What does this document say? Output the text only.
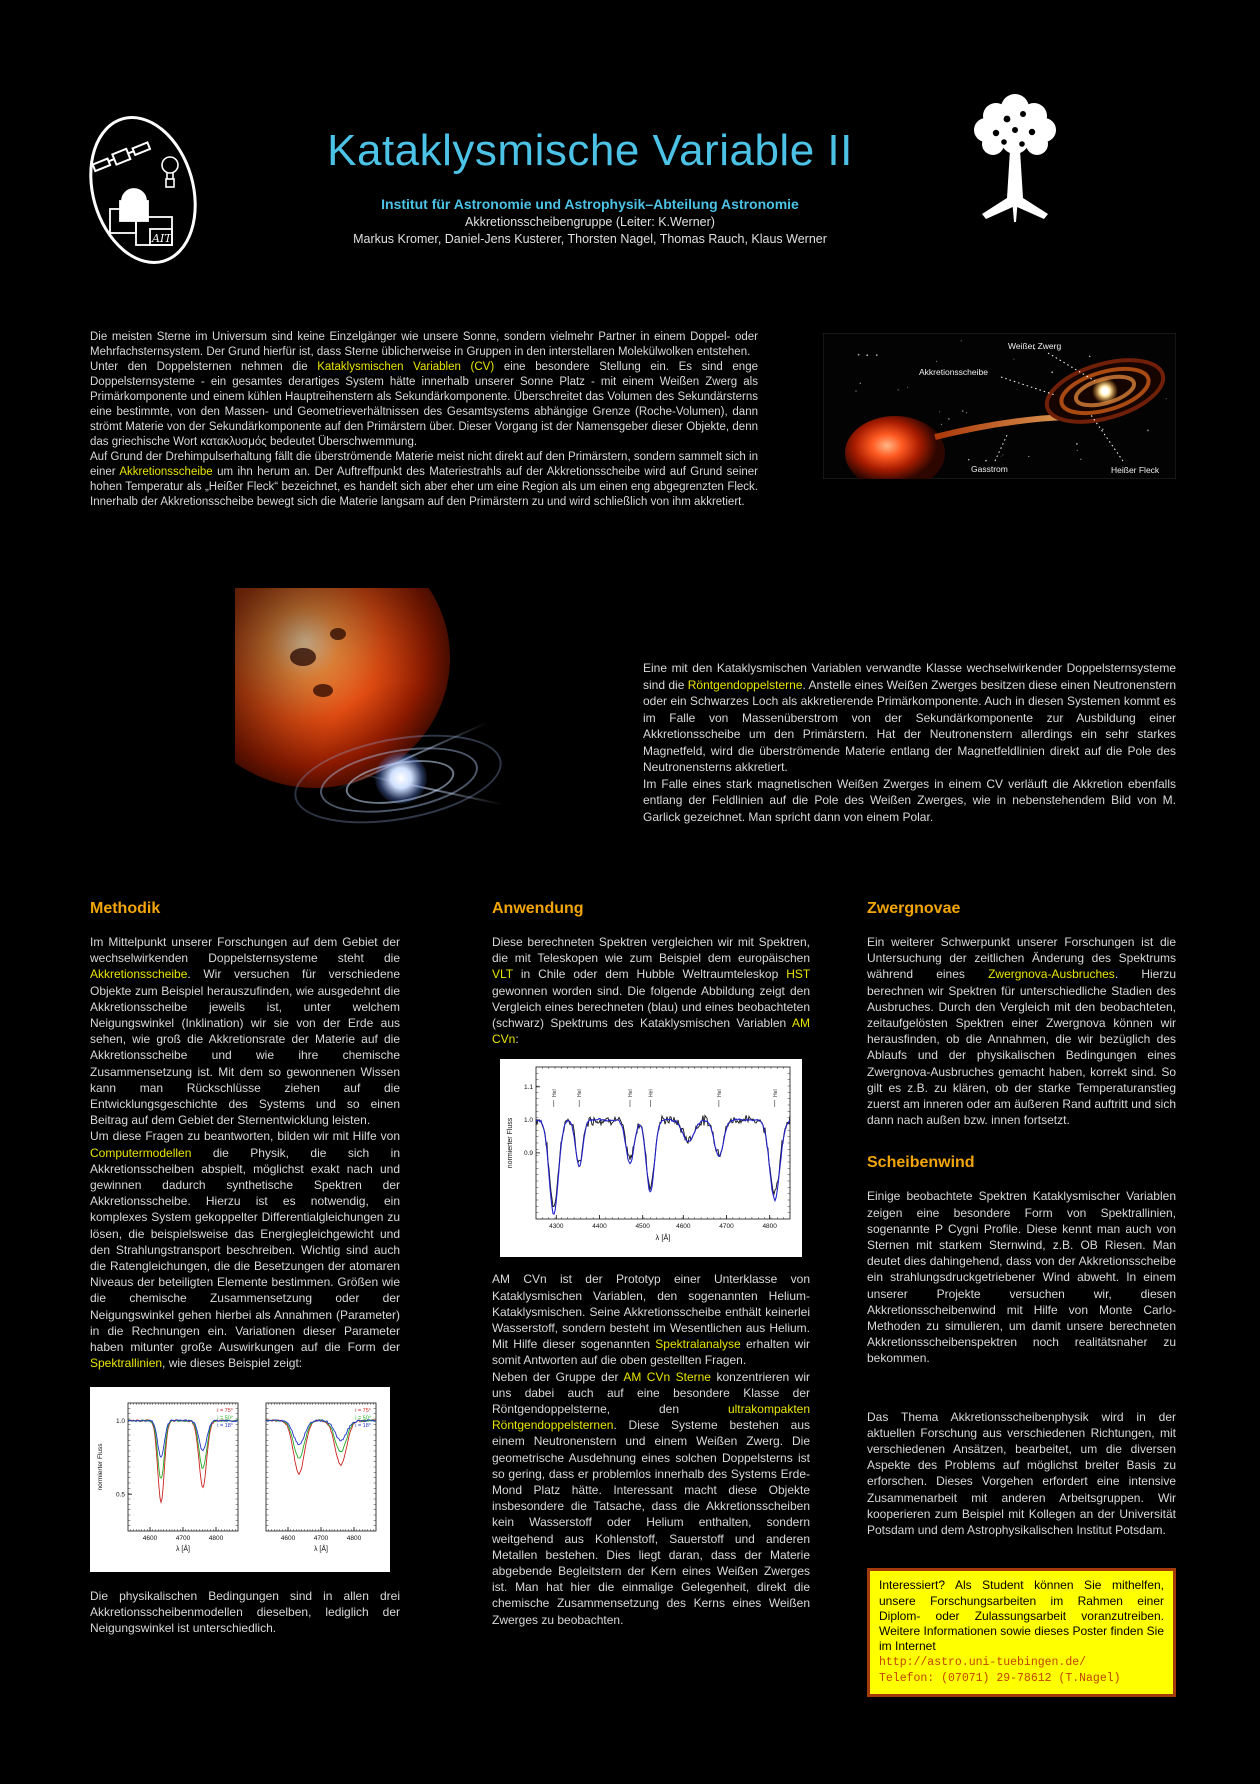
AIT
Kataklysmische Variable II
Institut für Astronomie und Astrophysik–Abteilung Astronomie
Akkretionsscheibengruppe (Leiter: K.Werner)
Markus Kromer, Daniel-Jens Kusterer, Thorsten Nagel, Thomas Rauch, Klaus Werner

Die meisten Sterne im Universum sind keine Einzelgänger wie unsere Sonne, sondern vielmehr Partner in einem Doppel- oder Mehrfachsternsystem. Der Grund hierfür ist, dass Sterne üblicherweise in Gruppen in den interstellaren Molekülwolken entstehen.

Unter den Doppelsternen nehmen die Kataklysmischen Variablen (CV) eine besondere Stellung ein. Es sind enge Doppelsternsysteme - ein gesamtes derartiges System hätte innerhalb unserer Sonne Platz - mit einem Weißen Zwerg als Primärkomponente und einem kühlen Hauptreihenstern als Sekundärkomponente. Überschreitet das Volumen des Sekundärsterns eine bestimmte, von den Massen- und Geometrieverhältnissen des Gesamtsystems abhängige Grenze (Roche-Volumen), dann strömt Materie von der Sekundärkomponente auf den Primärstern über. Dieser Vorgang ist der Namensgeber dieser Objekte, denn das griechische Wort κατακλυσμός bedeutet Überschwemmung.

Auf Grund der Drehimpulserhaltung fällt die überströmende Materie meist nicht direkt auf den Primärstern, sondern sammelt sich in einer Akkretionsscheibe um ihn herum an. Der Auftreffpunkt des Materiestrahls auf der Akkretionsscheibe wird auf Grund seiner hohen Temperatur als „Heißer Fleck“ bezeichnet, es handelt sich aber eher um eine Region als um einen eng abgegrenzten Fleck. Innerhalb der Akkretionsscheibe bewegt sich die Materie langsam auf den Primärstern zu und wird schließlich von ihm akkretiert.

Weißer Zwerg
Akkretionsscheibe
Gasstrom	Heißer Fleck

Eine mit den Kataklysmischen Variablen verwandte Klasse wechselwirkender Doppelsternsysteme sind die Röntgendoppelsterne. Anstelle eines Weißen Zwerges besitzen diese einen Neutronenstern oder ein Schwarzes Loch als akkretierende Primärkomponente. Auch in diesen Systemen kommt es im Falle von Massenüberstrom von der Sekundärkomponente zur Ausbildung einer Akkretionsscheibe um den Primärstern. Hat der Neutronenstern allerdings ein sehr starkes Magnetfeld, wird die überströmende Materie entlang der Magnetfeldlinien direkt auf die Pole des Neutronensterns akkretiert.

Im Falle eines stark magnetischen Weißen Zwerges in einem CV verläuft die Akkretion ebenfalls entlang der Feldlinien auf die Pole des Weißen Zwerges, wie in nebenstehendem Bild von M. Garlick gezeichnet. Man spricht dann von einem Polar.

Methodik

Im Mittelpunkt unserer Forschungen auf dem Gebiet der wechselwirkenden Doppelsternsysteme steht die Akkretionsscheibe. Wir versuchen für verschiedene Objekte zum Beispiel herauszufinden, wie ausgedehnt die Akkretionsscheibe jeweils ist, unter welchem Neigungswinkel (Inklination) wir sie von der Erde aus sehen, wie groß die Akkretionsrate der Materie auf die Akkretionsscheibe und wie ihre chemische Zusammensetzung ist. Mit dem so gewonnenen Wissen kann man Rückschlüsse ziehen auf die Entwicklungsgeschichte des Systems und so einen Beitrag auf dem Gebiet der Sternentwicklung leisten.

Um diese Fragen zu beantworten, bilden wir mit Hilfe von Computermodellen die Physik, die sich in Akkretionsscheiben abspielt, möglichst exakt nach und gewinnen dadurch synthetische Spektren der Akkretionsscheibe. Hierzu ist es notwendig, ein komplexes System gekoppelter Differentialgleichungen zu lösen, die beispielsweise das Energiegleichgewicht und den Strahlungstransport beschreiben. Wichtig sind auch die Ratengleichungen, die die Besetzungen der atomaren Niveaus der beteiligten Elemente bestimmen. Größen wie die chemische Zusammensetzung oder der Neigungswinkel gehen hierbei als Annahmen (Parameter) in die Rechnungen ein. Variationen dieser Parameter haben mitunter große Auswirkungen auf die Form der Spektrallinien, wie dieses Beispiel zeigt:

4600	4700	4800
0.5
1.0
i = 75°
i = 50°
i = 18°
λ [Å]
4600	4700	4800
i = 75°
i = 50°
i = 18°
λ [Å]
normierter Fluss
Die physikalischen Bedingungen sind in allen drei Akkretionsscheibenmodellen dieselben, lediglich der Neigungswinkel ist unterschiedlich.
Anwendung

Diese berechneten Spektren vergleichen wir mit Spektren, die mit Teleskopen wie zum Beispiel dem europäischen VLT in Chile oder dem Hubble Weltraumteleskop HST gewonnen worden sind. Die folgende Abbildung zeigt den Vergleich eines berechneten (blau) und eines beobachteten (schwarz) Spektrums des Kataklysmischen Variablen AM CVn:

4300	4400	4500	4600	4700	4800
0.9
1.0
1.1
HeI	HeI	HeI	HeI	HeI	HeI
λ [Å]
normierter Fluss

AM CVn ist der Prototyp einer Unterklasse von Kataklysmischen Variablen, den sogenannten Helium-Kataklysmischen. Seine Akkretionsscheibe enthält keinerlei Wasserstoff, sondern besteht im Wesentlichen aus Helium. Mit Hilfe dieser sogenannten Spektralanalyse erhalten wir somit Antworten auf die oben gestellten Fragen.

Neben der Gruppe der AM CVn Sterne konzentrieren wir uns dabei auch auf eine besondere Klasse der Röntgendoppelsterne, den ultrakompakten Röntgendoppelsternen. Diese Systeme bestehen aus einem Neutronenstern und einem Weißen Zwerg. Die geometrische Ausdehnung eines solchen Doppelsterns ist so gering, dass er problemlos innerhalb des Systems Erde-Mond Platz hätte. Interessant macht diese Objekte insbesondere die Tatsache, dass die Akkretionsscheiben kein Wasserstoff oder Helium enthalten, sondern weitgehend aus Kohlenstoff, Sauerstoff und anderen Metallen bestehen. Dies liegt daran, dass der Materie abgebende Begleitstern der Kern eines Weißen Zwerges ist. Man hat hier die einmalige Gelegenheit, direkt die chemische Zusammensetzung des Kerns eines Weißen Zwerges zu beobachten.

Zwergnovae

Ein weiterer Schwerpunkt unserer Forschungen ist die Untersuchung der zeitlichen Änderung des Spektrums während eines Zwergnova-Ausbruches. Hierzu berechnen wir Spektren für unterschiedliche Stadien des Ausbruches. Durch den Vergleich mit den beobachteten, zeitaufgelösten Spektren einer Zwergnova können wir herausfinden, ob die Annahmen, die wir bezüglich des Ablaufs und der physikalischen Bedingungen eines Zwergnova-Ausbruches gemacht haben, korrekt sind. So gilt es z.B. zu klären, ob der starke Temperaturanstieg zuerst am inneren oder am äußeren Rand auftritt und sich dann nach außen bzw. innen fortsetzt.

Scheibenwind

Einige beobachtete Spektren Kataklysmischer Variablen zeigen eine besondere Form von Spektrallinien, sogenannte P Cygni Profile. Diese kennt man auch von Sternen mit starkem Sternwind, z.B. OB Riesen. Man deutet dies dahingehend, dass von der Akkretionsscheibe ein strahlungsdruckgetriebener Wind abweht. In einem unserer Projekte versuchen wir, diesen Akkretionsscheibenwind mit Hilfe von Monte Carlo-Methoden zu simulieren, um damit unsere berechneten Akkretionsscheibenspektren noch realitätsnaher zu bekommen.

Das Thema Akkretionsscheibenphysik wird in der aktuellen Forschung aus verschiedenen Richtungen, mit verschiedenen Ansätzen, bearbeitet, um die diversen Aspekte des Problems auf möglichst breiter Basis zu erforschen. Dieses Vorgehen erfordert eine intensive Zusammenarbeit mit anderen Arbeitsgruppen. Wir kooperieren zum Beispiel mit Kollegen an der Universität Potsdam und dem Astrophysikalischen Institut Potsdam.

Interessiert? Als Student können Sie mithelfen, unsere Forschungsarbeiten im Rahmen einer Diplom- oder Zulassungsarbeit voranzutreiben. Weitere Informationen sowie dieses Poster finden Sie im Internet
http://astro.uni-tuebingen.de/
Telefon: (07071) 29-78612 (T.Nagel)
